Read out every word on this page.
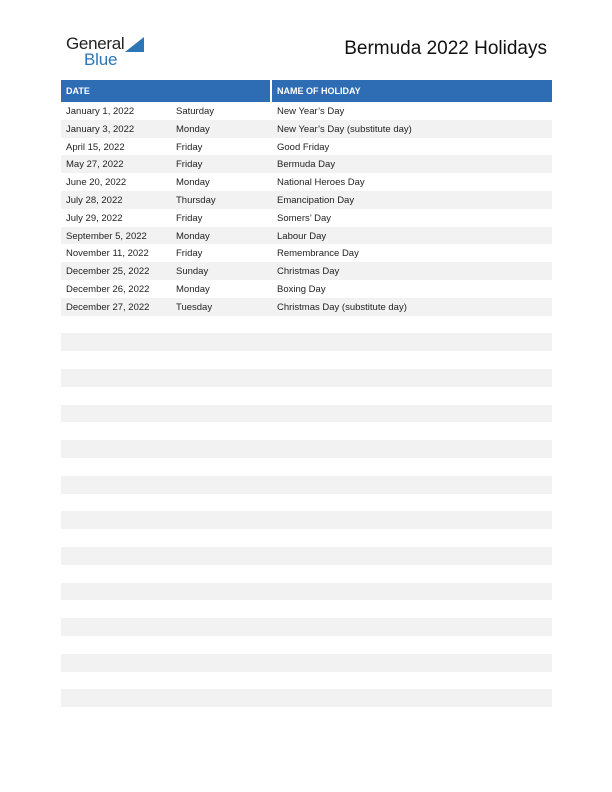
General
Blue
Bermuda 2022 Holidays
DATE	NAME OF HOLIDAY
January 1, 2022	Saturday	New Year’s Day
January 3, 2022	Monday	New Year’s Day (substitute day)
April 15, 2022	Friday	Good Friday
May 27, 2022	Friday	Bermuda Day
June 20, 2022	Monday	National Heroes Day
July 28, 2022	Thursday	Emancipation Day
July 29, 2022	Friday	Somers’ Day
September 5, 2022	Monday	Labour Day
November 11, 2022	Friday	Remembrance Day
December 25, 2022	Sunday	Christmas Day
December 26, 2022	Monday	Boxing Day
December 27, 2022	Tuesday	Christmas Day (substitute day)
